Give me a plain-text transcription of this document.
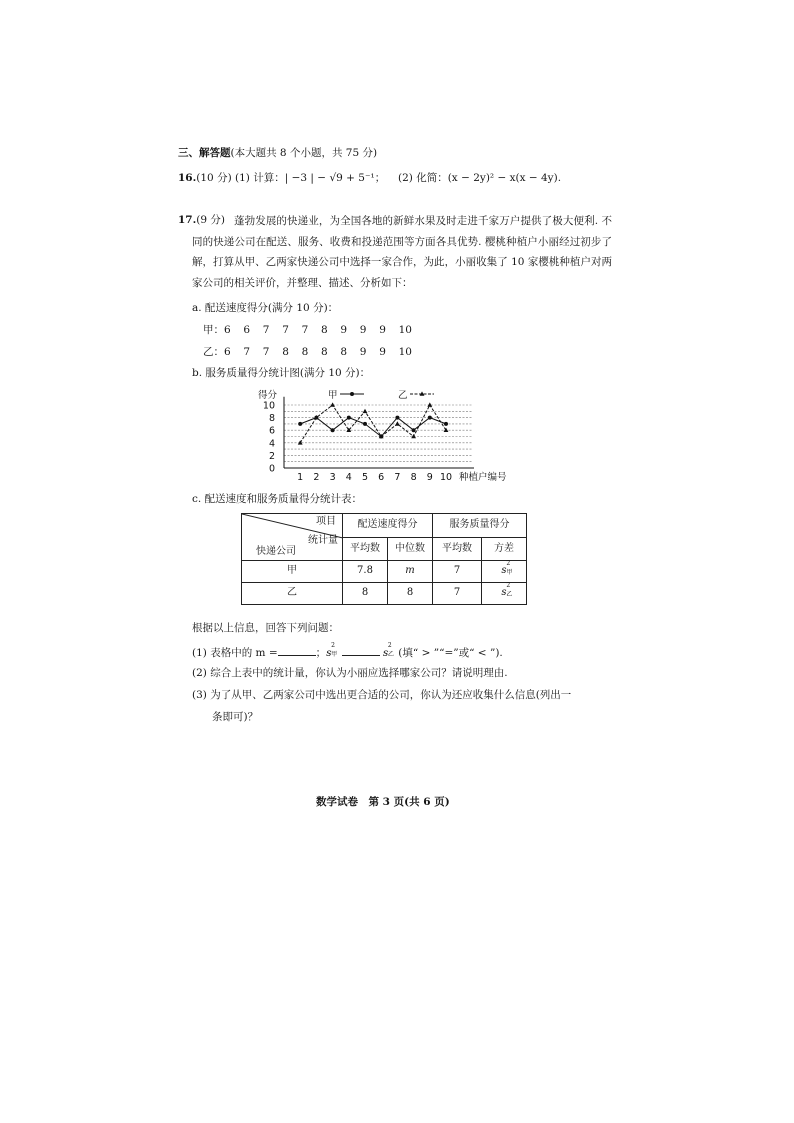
三、解答题(本大题共 8 个小题，共 75 分)
16.(10 分) (1) 计算：| −3 | − √9 + 5⁻¹； (2) 化简：(x − 2y)² − x(x − 4y).
17.(9 分) 蓬勃发展的快递业，为全国各地的新鲜水果及时走进千家万户提供了极大便利. 不同的快递公司在配送、服务、收费和投递范围等方面各具优势. 樱桃种植户小丽经过初步了解，打算从甲、乙两家快递公司中选择一家合作，为此，小丽收集了 10 家樱桃种植户对两家公司的相关评价，并整理、描述、分析如下：
a. 配送速度得分(满分 10 分)：
甲： 6 6 7 7 7 8 9 9 9 10
乙： 6 7 7 8 8 8 8 9 9 10
b. 服务质量得分统计图(满分 10 分)：
0
2
4
6
8
10
1 2 3 4 5 6 7 8 9 10
甲	乙
得分
种植户编号
c. 配送速度和服务质量得分统计表：
项目
统计量
快递公司	配送速度得分		服务质量得分	
	平均数	中位数	平均数	方差
甲	7.8	m	7	s
2
甲

乙	8	8	7	s
2
乙
根据以上信息，回答下列问题：
(1) 表格中的 m =	；s
2
甲	s
2
乙 (填“ > ”“=”或“ < ”).
(2) 综合上表中的统计量，你认为小丽应选择哪家公司？请说明理由.
(3) 为了从甲、乙两家公司中选出更合适的公司，你认为还应收集什么信息(列出一
条即可)？
数学试卷　第 3 页(共 6 页)
